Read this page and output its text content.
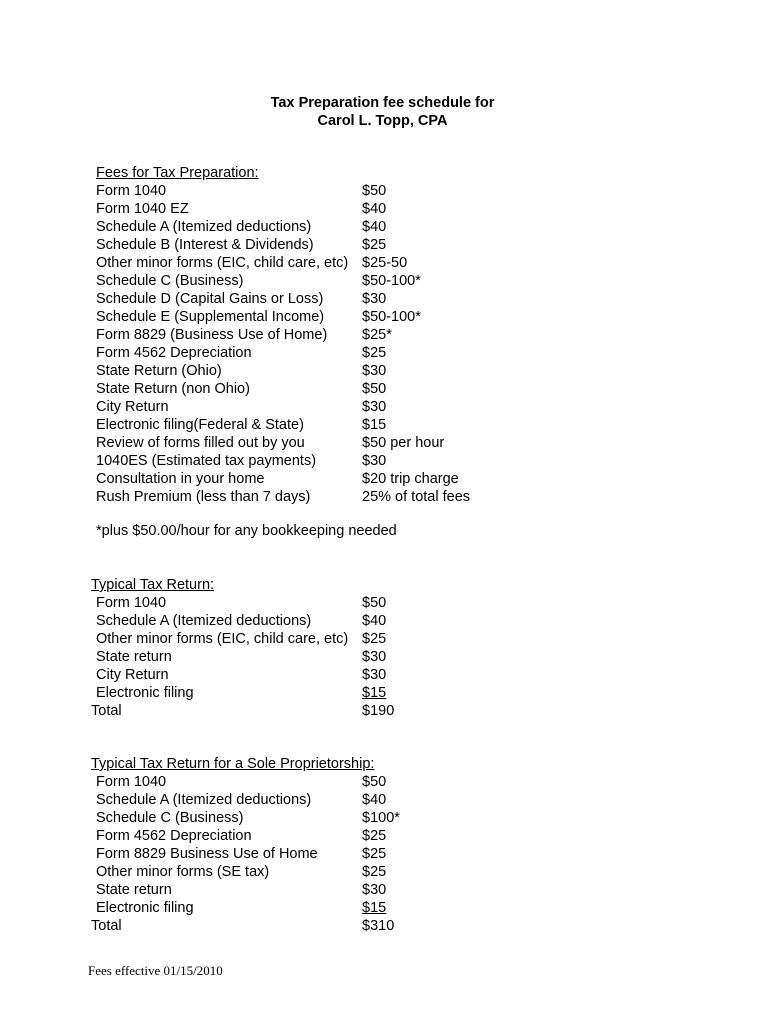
Tax Preparation fee schedule for
Carol L. Topp, CPA
Fees for Tax Preparation:
Form 1040	$50
Form 1040 EZ	$40
Schedule A (Itemized deductions)	$40
Schedule B (Interest & Dividends)	$25
Other minor forms (EIC, child care, etc) $25-50
Schedule C (Business)	$50-100*
Schedule D (Capital Gains or Loss)	$30
Schedule E (Supplemental Income)	$50-100*
Form 8829 (Business Use of Home) $25*
Form 4562 Depreciation	$25
State Return (Ohio)	$30
State Return (non Ohio)	$50
City Return	$30
Electronic filing(Federal & State)	$15
Review of forms filled out by you	$50 per hour
1040ES (Estimated tax payments)	$30
Consultation in your home	$20 trip charge
Rush Premium (less than 7 days)	25% of total fees
*plus $50.00/hour for any bookkeeping needed
Typical Tax Return:
Form 1040	$50
Schedule A (Itemized deductions)	$40
Other minor forms (EIC, child care, etc) $25
State return	$30
City Return	$30
Electronic filing	$15
Total	$190
Typical Tax Return for a Sole Proprietorship:
Form 1040	$50
Schedule A (Itemized deductions)	$40
Schedule C (Business)	$100*
Form 4562 Depreciation	$25
Form 8829 Business Use of Home	$25
Other minor forms (SE tax)	$25
State return	$30
Electronic filing	$15
Total	$310
Fees effective 01/15/2010
